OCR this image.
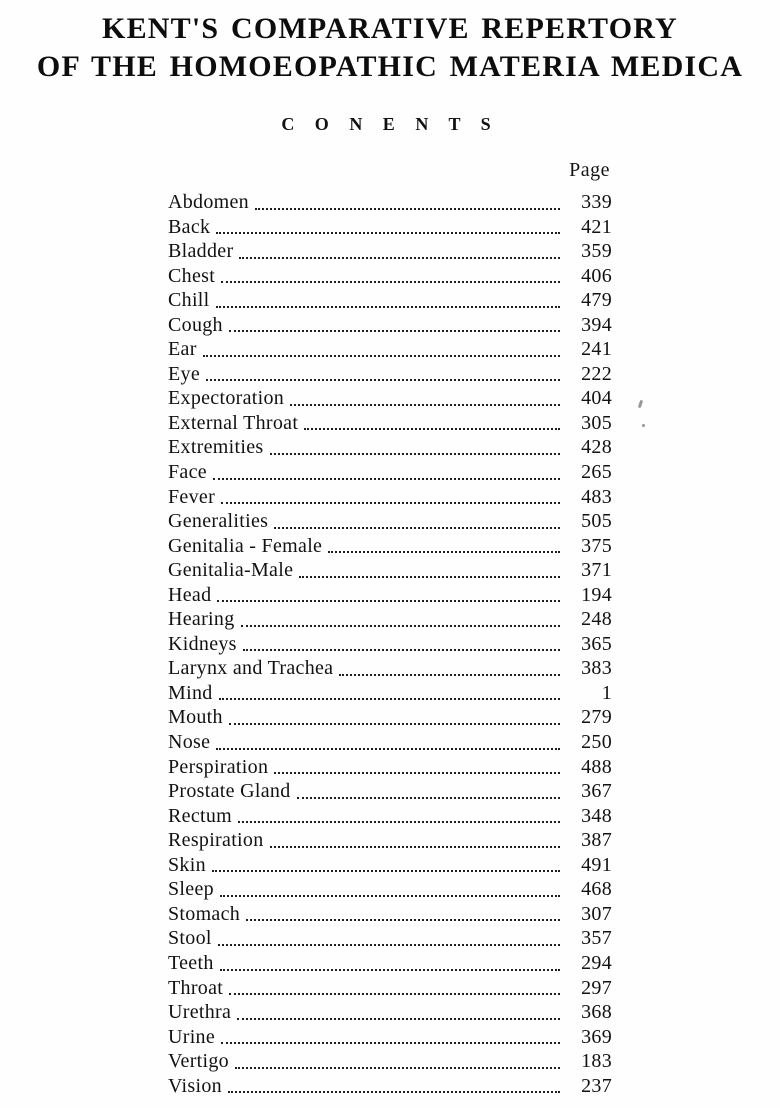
KENT'S COMPARATIVE REPERTORY
OF THE HOMOEOPATHIC MATERIA MEDICA
C O N E N T S
Page
Abdomen	339
Back	421
Bladder	359
Chest	406
Chill	479
Cough	394
Ear	241
Eye	222
Expectoration	404
External Throat	305
Extremities	428
Face	265
Fever	483
Generalities	505
Genitalia - Female	375
Genitalia-Male	371
Head	194
Hearing	248
Kidneys	365
Larynx and Trachea	383
Mind	1
Mouth	279
Nose	250
Perspiration	488
Prostate Gland	367
Rectum	348
Respiration	387
Skin	491
Sleep	468
Stomach	307
Stool	357
Teeth	294
Throat	297
Urethra	368
Urine	369
Vertigo	183
Vision	237
